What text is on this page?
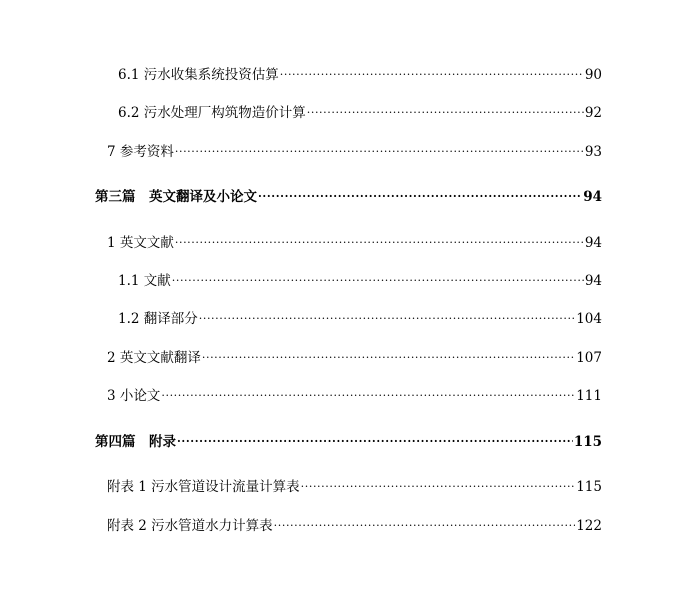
6.1 污水收集系统投资估算 .....	90
6.2 污水处理厂构筑物造价计算 .....	92
7 参考资料 .....	93
第三篇　英文翻译及小论文 .....	94
1 英文文献 .....	94
1.1 文献 .....	94
1.2 翻译部分 .....	104
2 英文文献翻译 .....	107
3 小论文 .....	111
第四篇　附录 .....	115
附表 1 污水管道设计流量计算表 .....	115
附表 2 污水管道水力计算表 .....	122
